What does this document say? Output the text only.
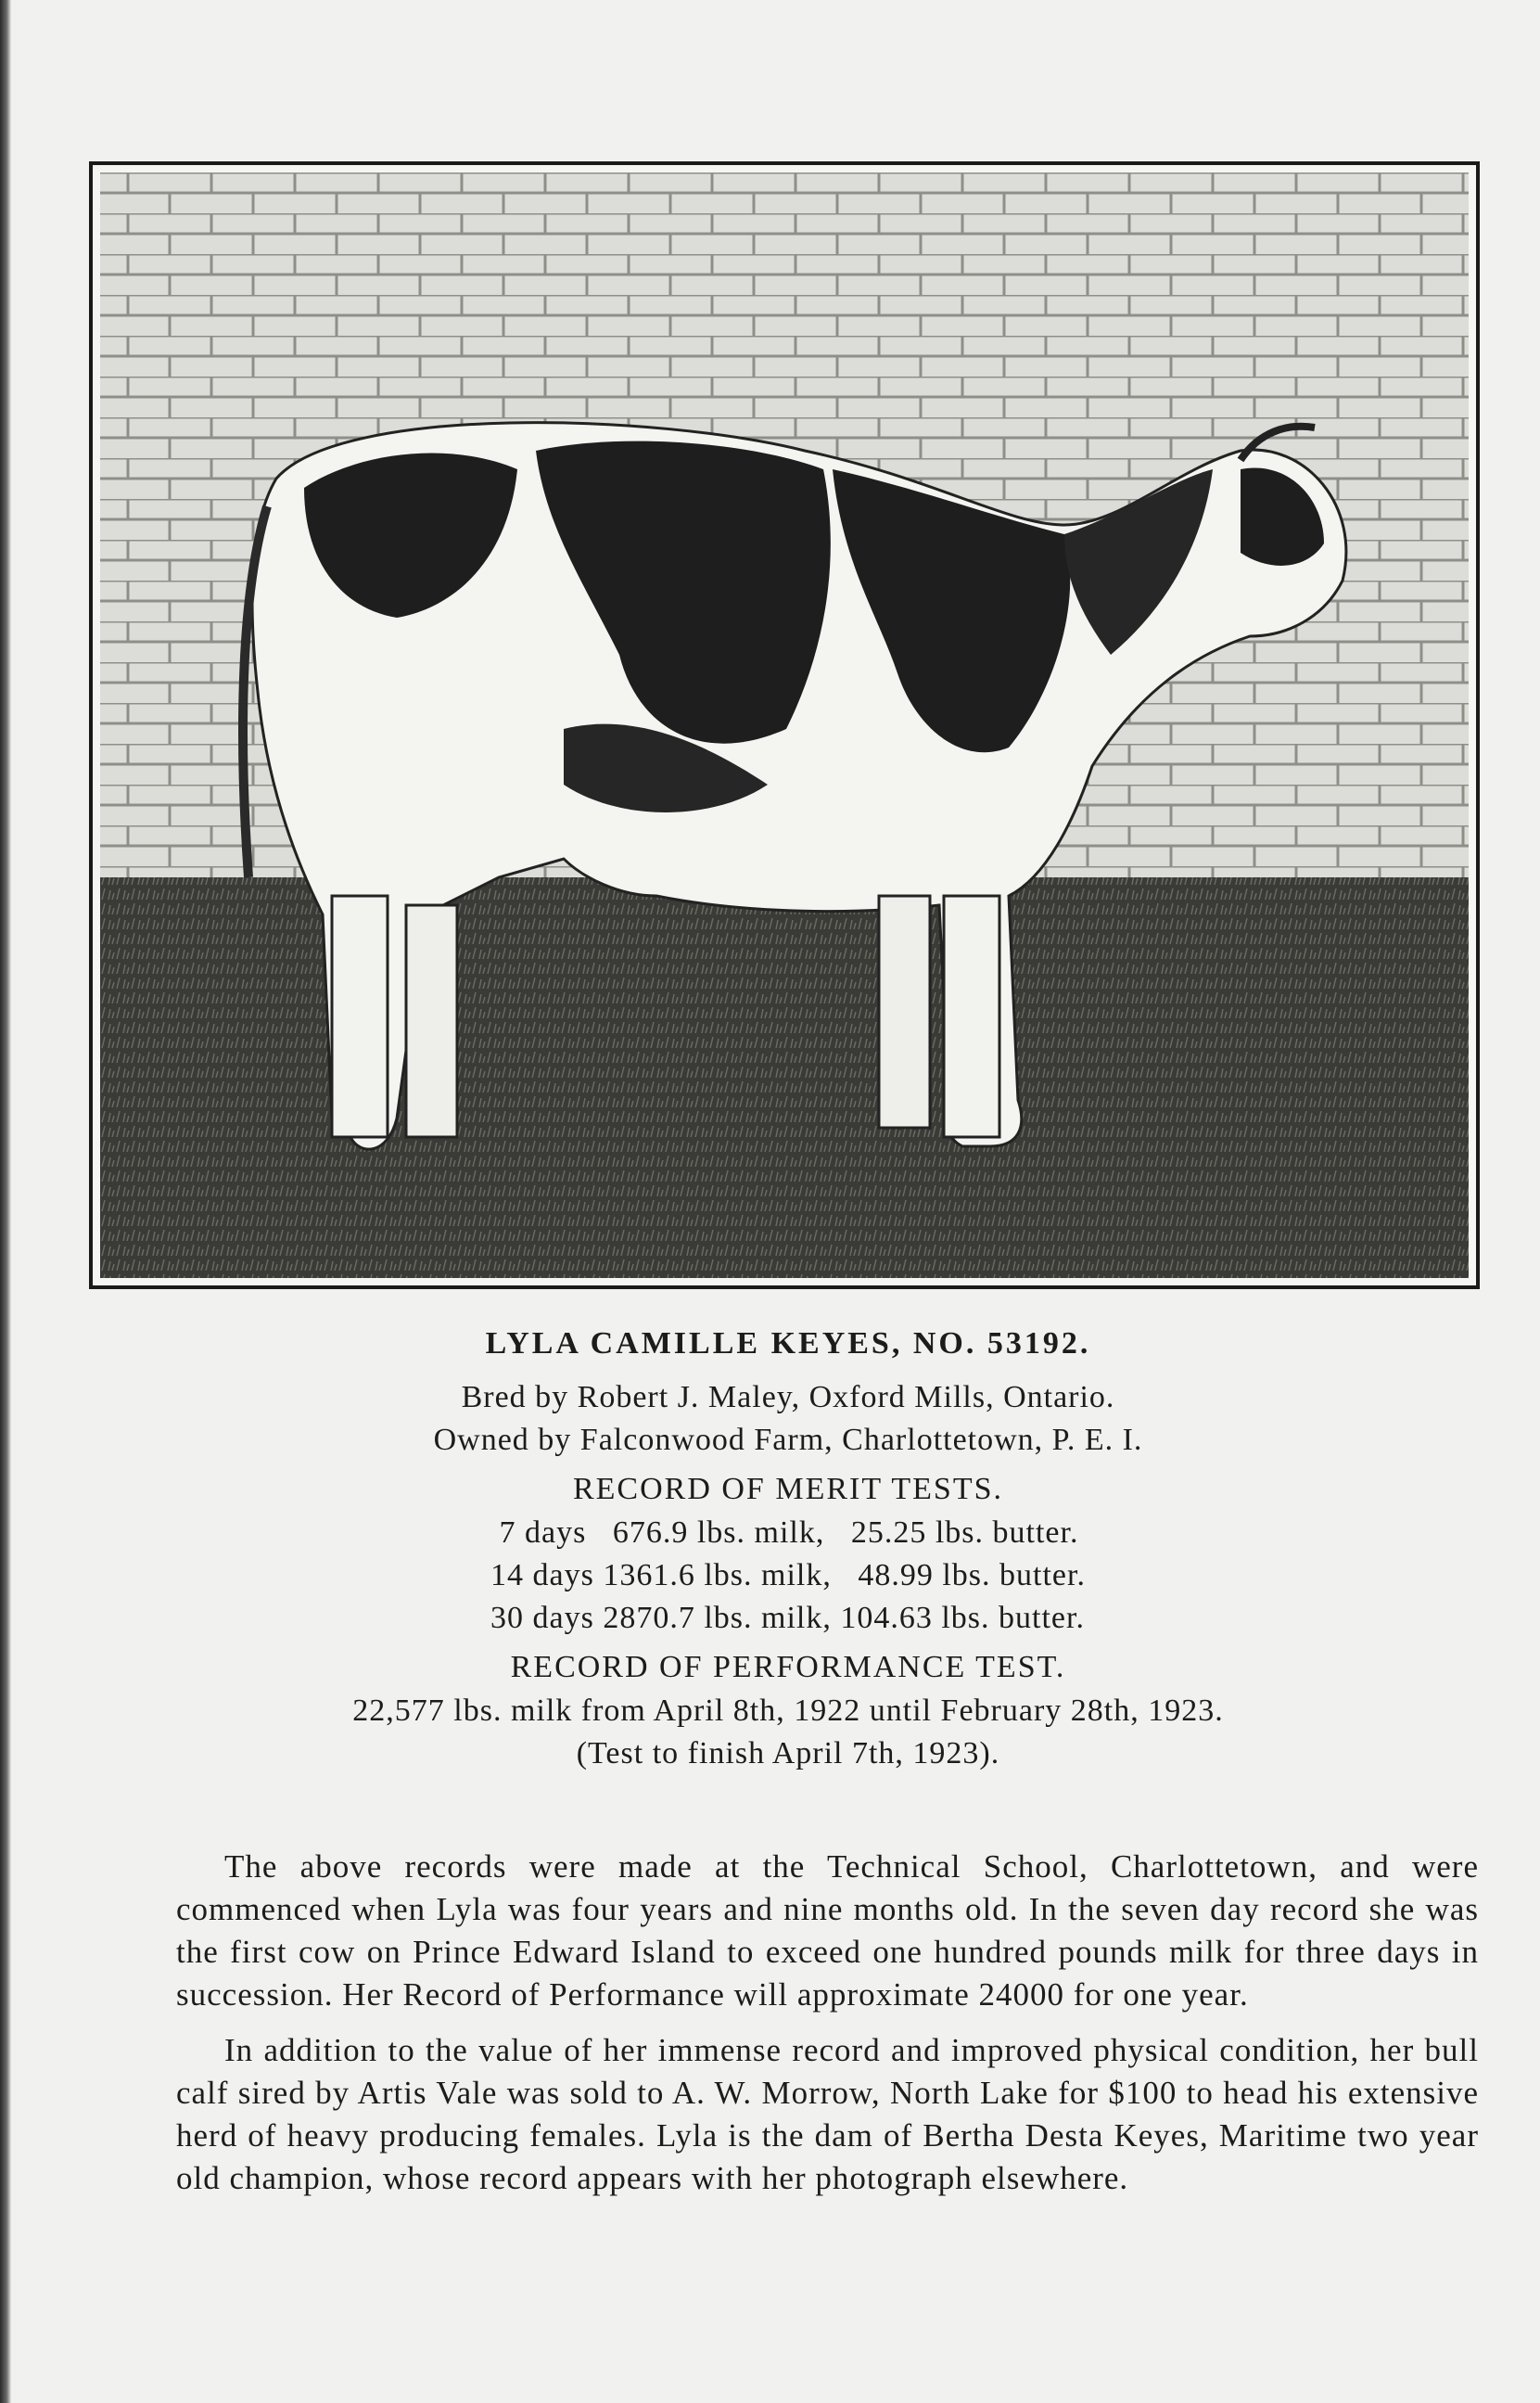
LYLA CAMILLE KEYES, NO. 53192.
Bred by Robert J. Maley, Oxford Mills, Ontario.
Owned by Falconwood Farm, Charlottetown, P. E. I.
RECORD OF MERIT TESTS.
7 days   676.9 lbs. milk,   25.25 lbs. butter.
14 days 1361.6 lbs. milk,   48.99 lbs. butter.
30 days 2870.7 lbs. milk, 104.63 lbs. butter.
RECORD OF PERFORMANCE TEST.
22,577 lbs. milk from April 8th, 1922 until February 28th, 1923.
(Test to finish April 7th, 1923).

The above records were made at the Technical School, Charlottetown, and were commenced when Lyla was four years and nine months old. In the seven day record she was the first cow on Prince Edward Island to exceed one hundred pounds milk for three days in succession. Her Record of Performance will approximate 24000 for one year.

In addition to the value of her immense record and improved physical condition, her bull calf sired by Artis Vale was sold to A. W. Morrow, North Lake for $100 to head his extensive herd of heavy producing females. Lyla is the dam of Bertha Desta Keyes, Maritime two year old champion, whose record appears with her photograph elsewhere.
